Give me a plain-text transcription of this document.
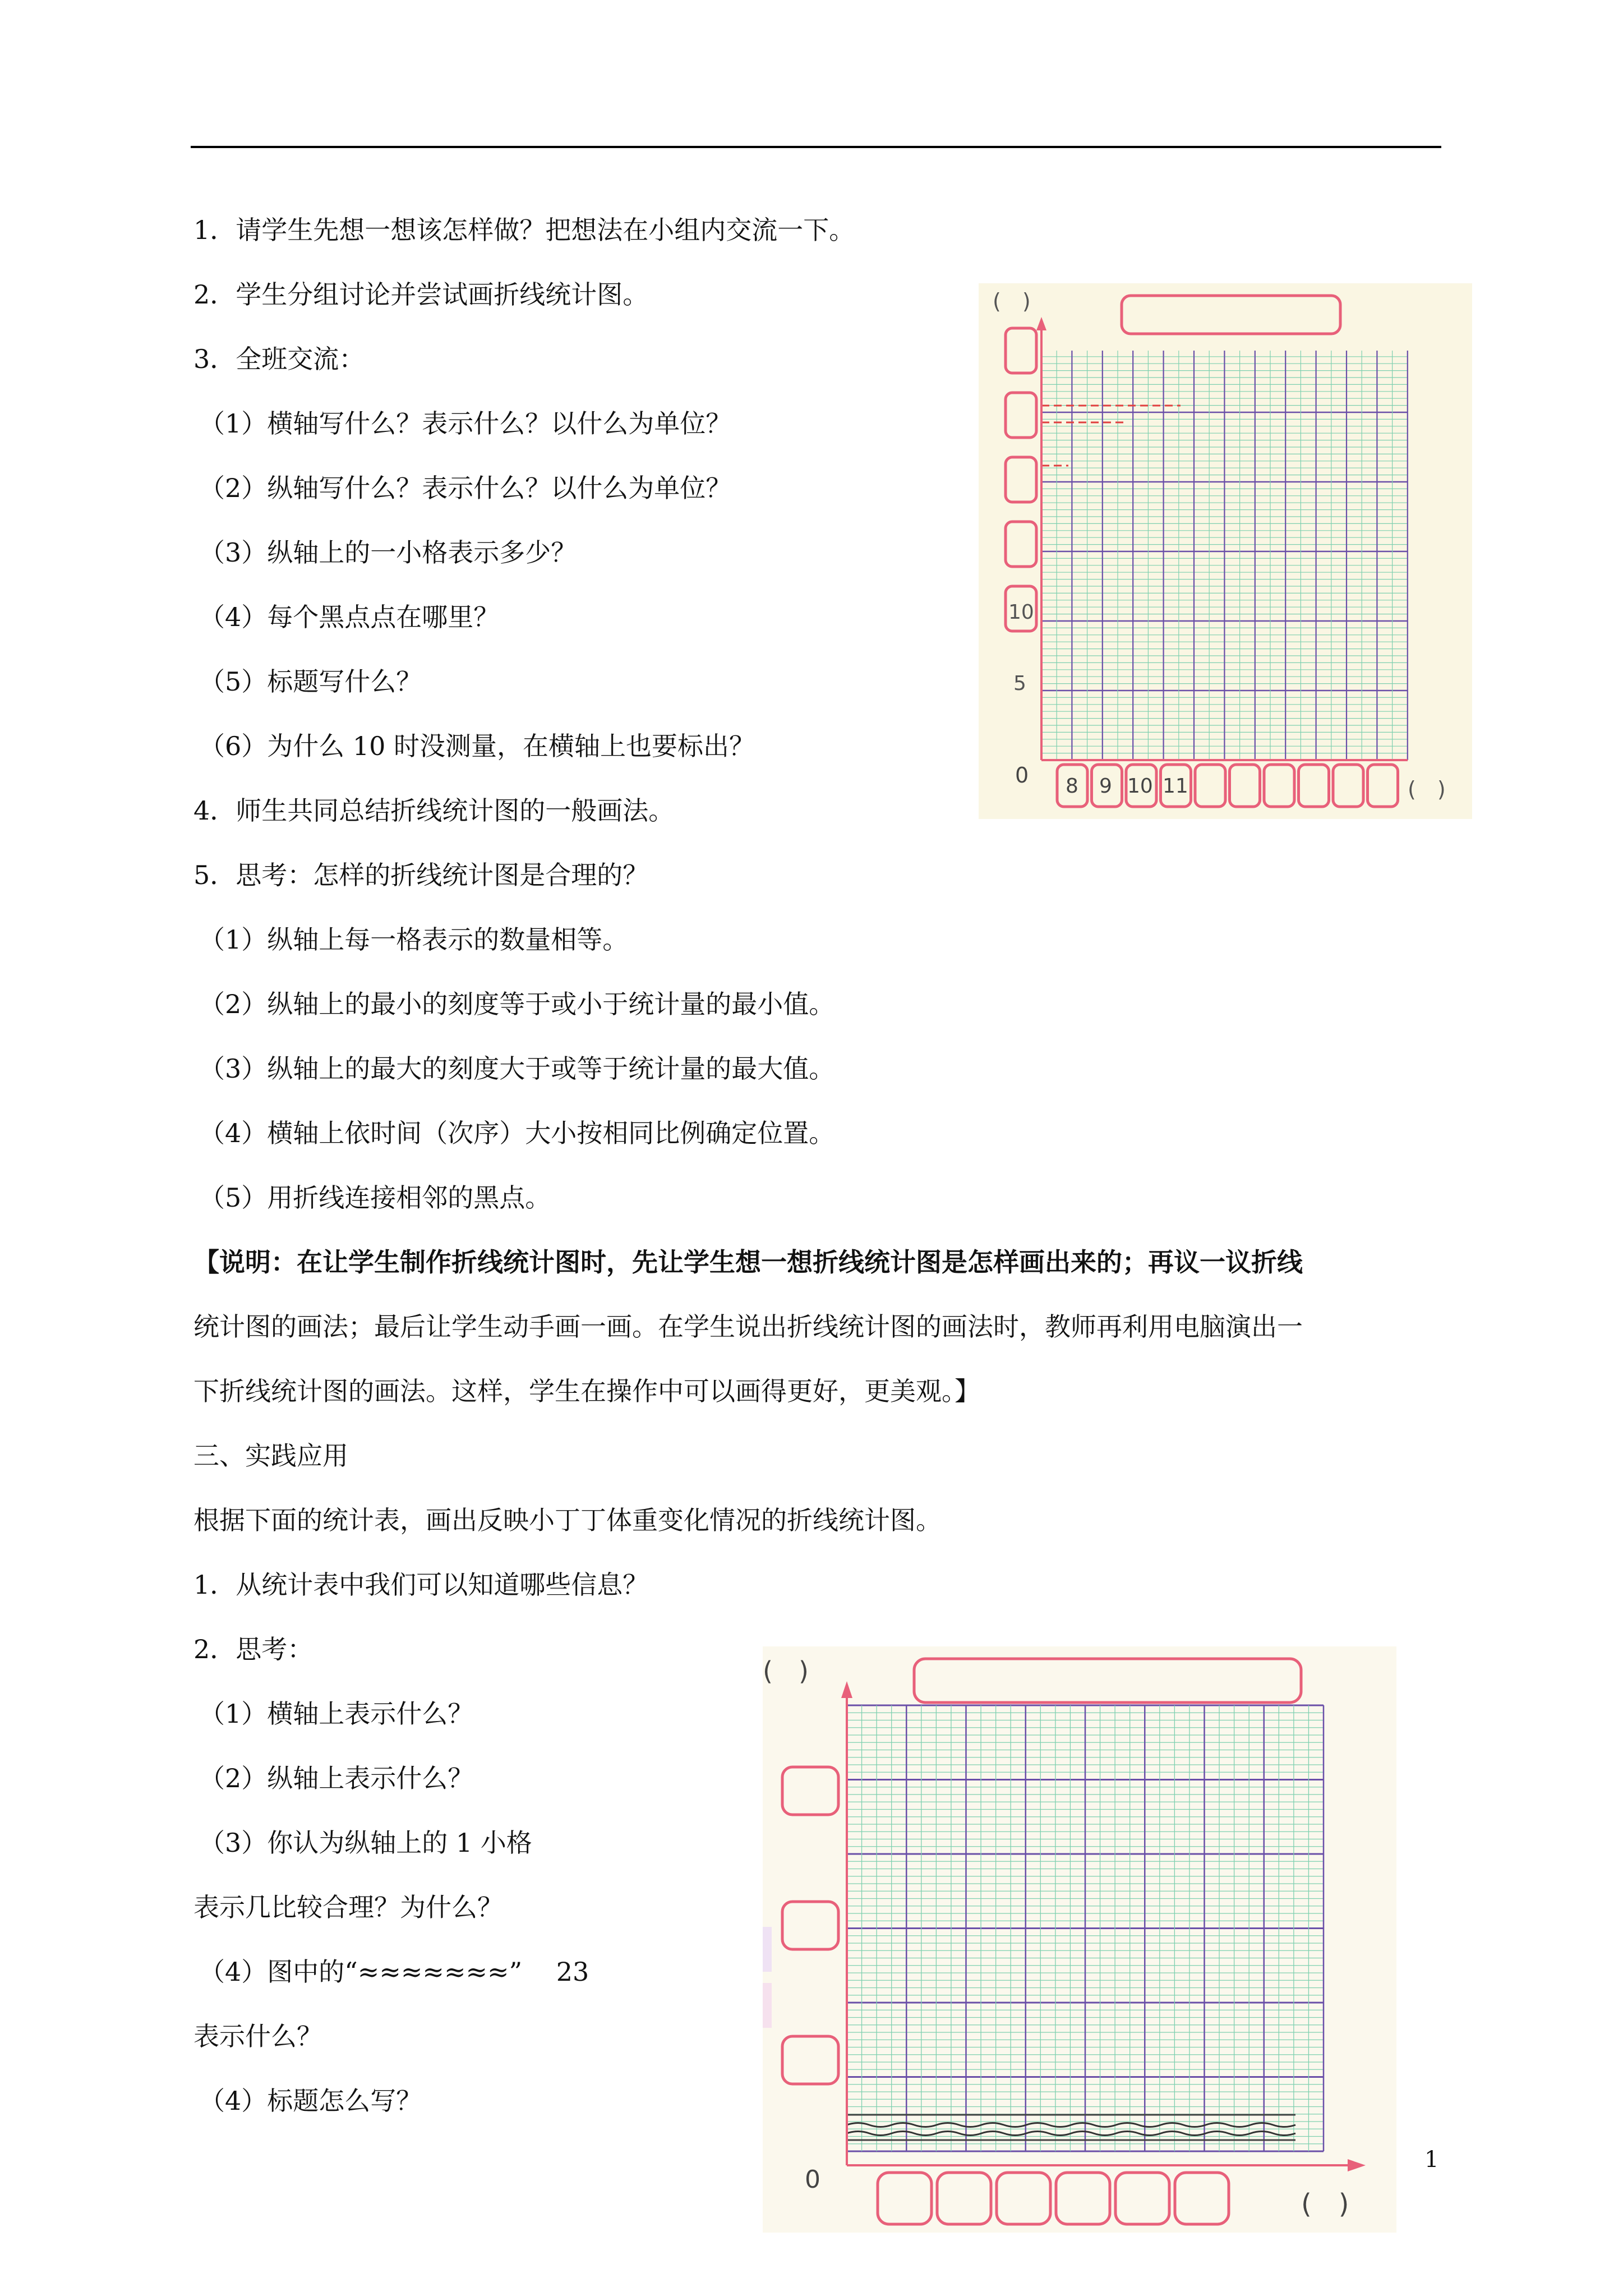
1．请学生先想一想该怎样做？把想法在小组内交流一下。
2．学生分组讨论并尝试画折线统计图。
3．全班交流：
（1）横轴写什么？表示什么？以什么为单位？
（2）纵轴写什么？表示什么？以什么为单位？
（3）纵轴上的一小格表示多少？
（4）每个黑点点在哪里？
（5）标题写什么？
（6）为什么 10 时没测量，在横轴上也要标出？
4．师生共同总结折线统计图的一般画法。
5．思考：怎样的折线统计图是合理的？
（1）纵轴上每一格表示的数量相等。
（2）纵轴上的最小的刻度等于或小于统计量的最小值。
（3）纵轴上的最大的刻度大于或等于统计量的最大值。
（4）横轴上依时间（次序）大小按相同比例确定位置。
（5）用折线连接相邻的黑点。
【说明：在让学生制作折线统计图时，先让学生想一想折线统计图是怎样画出来的；再议一议折线
统计图的画法；最后让学生动手画一画。在学生说出折线统计图的画法时，教师再利用电脑演出一
下折线统计图的画法。这样，学生在操作中可以画得更好，更美观。】
三、实践应用
根据下面的统计表，画出反映小丁丁体重变化情况的折线统计图。
1．从统计表中我们可以知道哪些信息？
2．思考：
（1）横轴上表示什么？
（2）纵轴上表示什么？
（3）你认为纵轴上的 1 小格
表示几比较合理？为什么？
（4）图中的“≈≈≈≈≈≈≈”　 23
表示什么？
（4）标题怎么写？
1
(　)
0
10
5
8 9 10 11	(　)
(　)
0
(　)
